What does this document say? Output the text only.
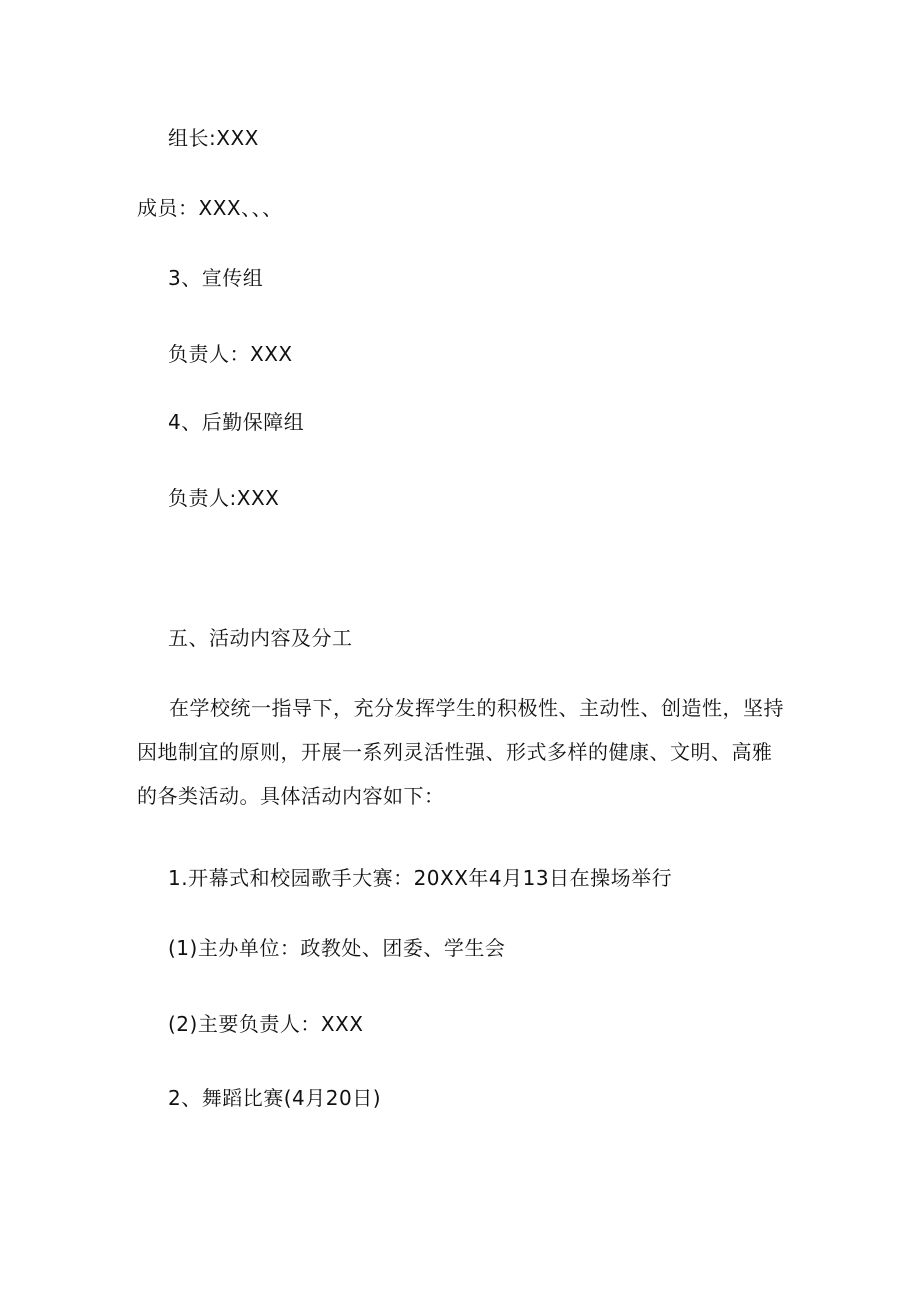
组长:XXX
成员：XXX、、、
3、宣传组
负责人：XXX
4、后勤保障组
负责人:XXX
五、活动内容及分工
在学校统一指导下，充分发挥学生的积极性、主动性、创造性，坚持因地制宜的原则，开展一系列灵活性强、形式多样的健康、文明、高雅的各类活动。具体活动内容如下：
1.开幕式和校园歌手大赛：20XX年4月13日在操场举行
(1)主办单位：政教处、团委、学生会
(2)主要负责人：XXX
2、舞蹈比赛(4月20日)
